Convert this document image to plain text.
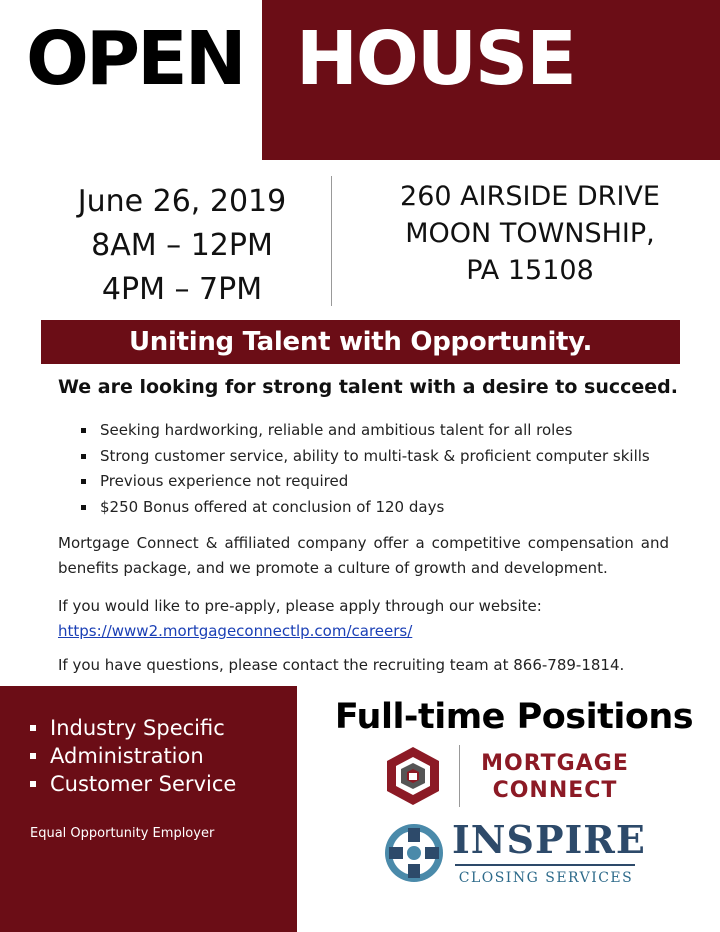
OPEN HOUSE
June 26, 2019
8AM – 12PM
4PM – 7PM
260 AIRSIDE DRIVE
MOON TOWNSHIP,
PA 15108
Uniting Talent with Opportunity.
We are looking for strong talent with a desire to succeed.
Seeking hardworking, reliable and ambitious talent for all roles
Strong customer service, ability to multi-task & proficient computer skills
Previous experience not required
$250 Bonus offered at conclusion of 120 days

Mortgage Connect & affiliated company offer a competitive compensation and benefits package, and we promote a culture of growth and development.

If you would like to pre-apply, please apply through our website:
https://www2.mortgageconnectlp.com/careers/

If you have questions, please contact the recruiting team at 866-789-1814.

Industry Specific
Administration
Customer Service
Equal Opportunity Employer
Full-time Positions
MORTGAGE
CONNECT
INSPIRE
CLOSING SERVICES
